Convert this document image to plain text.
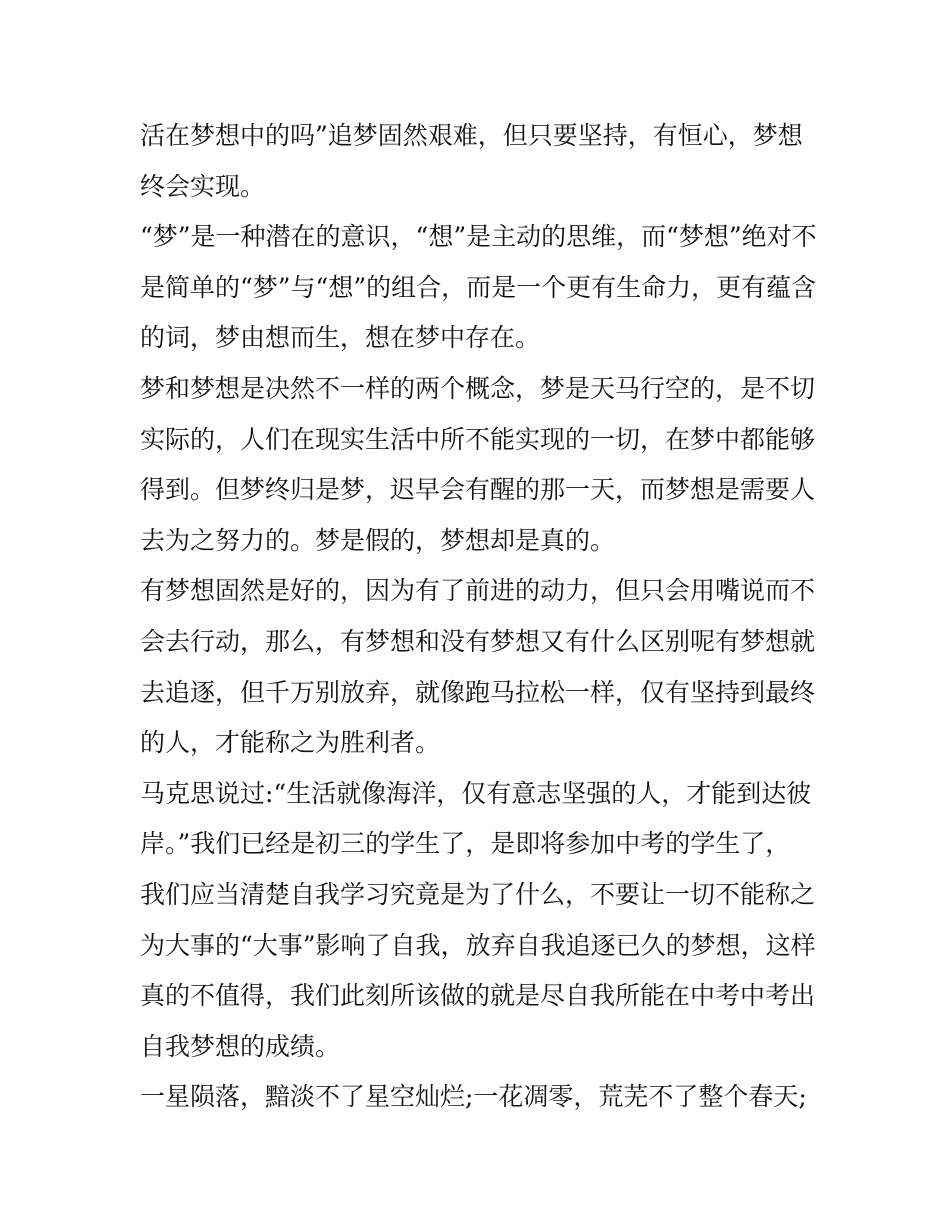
活在梦想中的吗”追梦固然艰难，但只要坚持，有恒心，梦想
终会实现。
“梦”是一种潜在的意识，“想”是主动的思维，而“梦想”绝对不
是简单的“梦”与“想”的组合，而是一个更有生命力，更有蕴含
的词，梦由想而生，想在梦中存在。
梦和梦想是决然不一样的两个概念，梦是天马行空的，是不切
实际的，人们在现实生活中所不能实现的一切，在梦中都能够
得到。但梦终归是梦，迟早会有醒的那一天，而梦想是需要人
去为之努力的。梦是假的，梦想却是真的。
有梦想固然是好的，因为有了前进的动力，但只会用嘴说而不
会去行动，那么，有梦想和没有梦想又有什么区别呢有梦想就
去追逐，但千万别放弃，就像跑马拉松一样，仅有坚持到最终
的人，才能称之为胜利者。
马克思说过:“生活就像海洋，仅有意志坚强的人，才能到达彼
岸。”我们已经是初三的学生了，是即将参加中考的学生了，
我们应当清楚自我学习究竟是为了什么，不要让一切不能称之
为大事的“大事”影响了自我，放弃自我追逐已久的梦想，这样
真的不值得，我们此刻所该做的就是尽自我所能在中考中考出
自我梦想的成绩。
一星陨落，黯淡不了星空灿烂;一花凋零，荒芜不了整个春天;
